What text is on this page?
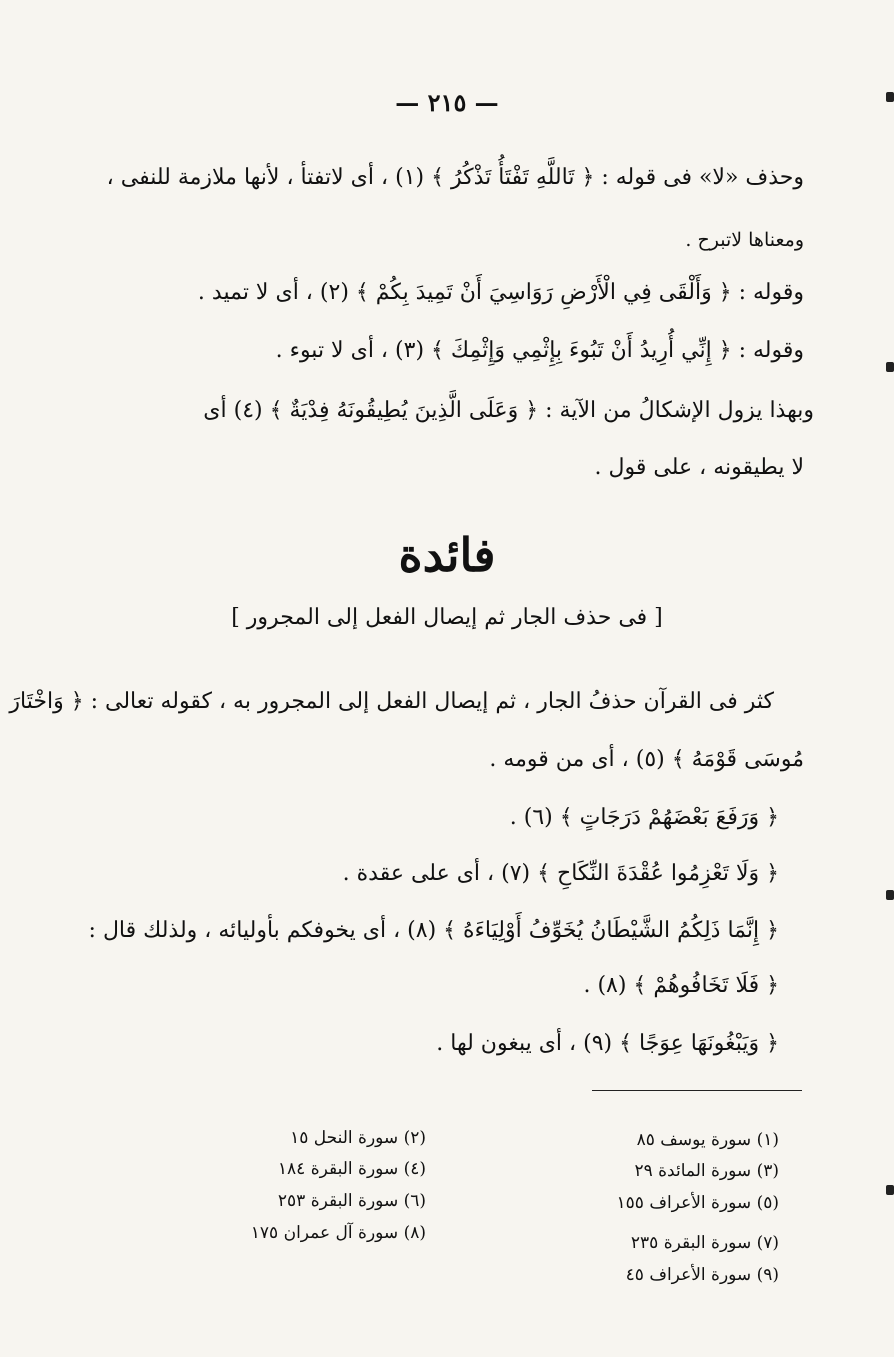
— ٢١٥ —
وحذف «لا» فى قوله : ﴿ تَاللَّهِ تَفْتَأُ تَذْكُرُ ﴾ (١) ، أى لاتفتأ ، لأنها ملازمة للنفى ،
ومعناها لاتبرح .
وقوله : ﴿ وَأَلْقَى فِي الْأَرْضِ رَوَاسِيَ أَنْ تَمِيدَ بِكُمْ ﴾ (٢) ، أى لا تميد .
وقوله : ﴿ إِنِّي أُرِيدُ أَنْ تَبُوءَ بِإِثْمِي وَإِثْمِكَ ﴾ (٣) ، أى لا تبوء .
وبهذا يزول الإشكالُ من الآية : ﴿ وَعَلَى الَّذِينَ يُطِيقُونَهُ فِدْيَةٌ ﴾ (٤) أى
لا يطيقونه ، على قول .
فائدة
[ فى حذف الجار ثم إيصال الفعل إلى المجرور ]
كثر فى القرآن حذفُ الجار ، ثم إيصال الفعل إلى المجرور به ، كقوله تعالى : ﴿ وَاخْتَارَ
مُوسَى قَوْمَهُ ﴾ (٥) ، أى من قومه .
﴿ وَرَفَعَ بَعْضَهُمْ دَرَجَاتٍ ﴾ (٦) .
﴿ وَلَا تَعْزِمُوا عُقْدَةَ النِّكَاحِ ﴾ (٧) ، أى على عقدة .
﴿ إِنَّمَا ذَلِكُمُ الشَّيْطَانُ يُخَوِّفُ أَوْلِيَاءَهُ ﴾ (٨) ، أى يخوفكم بأوليائه ، ولذلك قال :
﴿ فَلَا تَخَافُوهُمْ ﴾ (٨) .
﴿ وَيَبْغُونَهَا عِوَجًا ﴾ (٩) ، أى يبغون لها .
(١) سورة يوسف ٨٥
(٣) سورة المائدة ٢٩
(٥) سورة الأعراف ١٥٥
(٧) سورة البقرة ٢٣٥
(٩) سورة الأعراف ٤٥
(٢) سورة النحل ١٥
(٤) سورة البقرة ١٨٤
(٦) سورة البقرة ٢٥٣
(٨) سورة آل عمران ١٧٥
